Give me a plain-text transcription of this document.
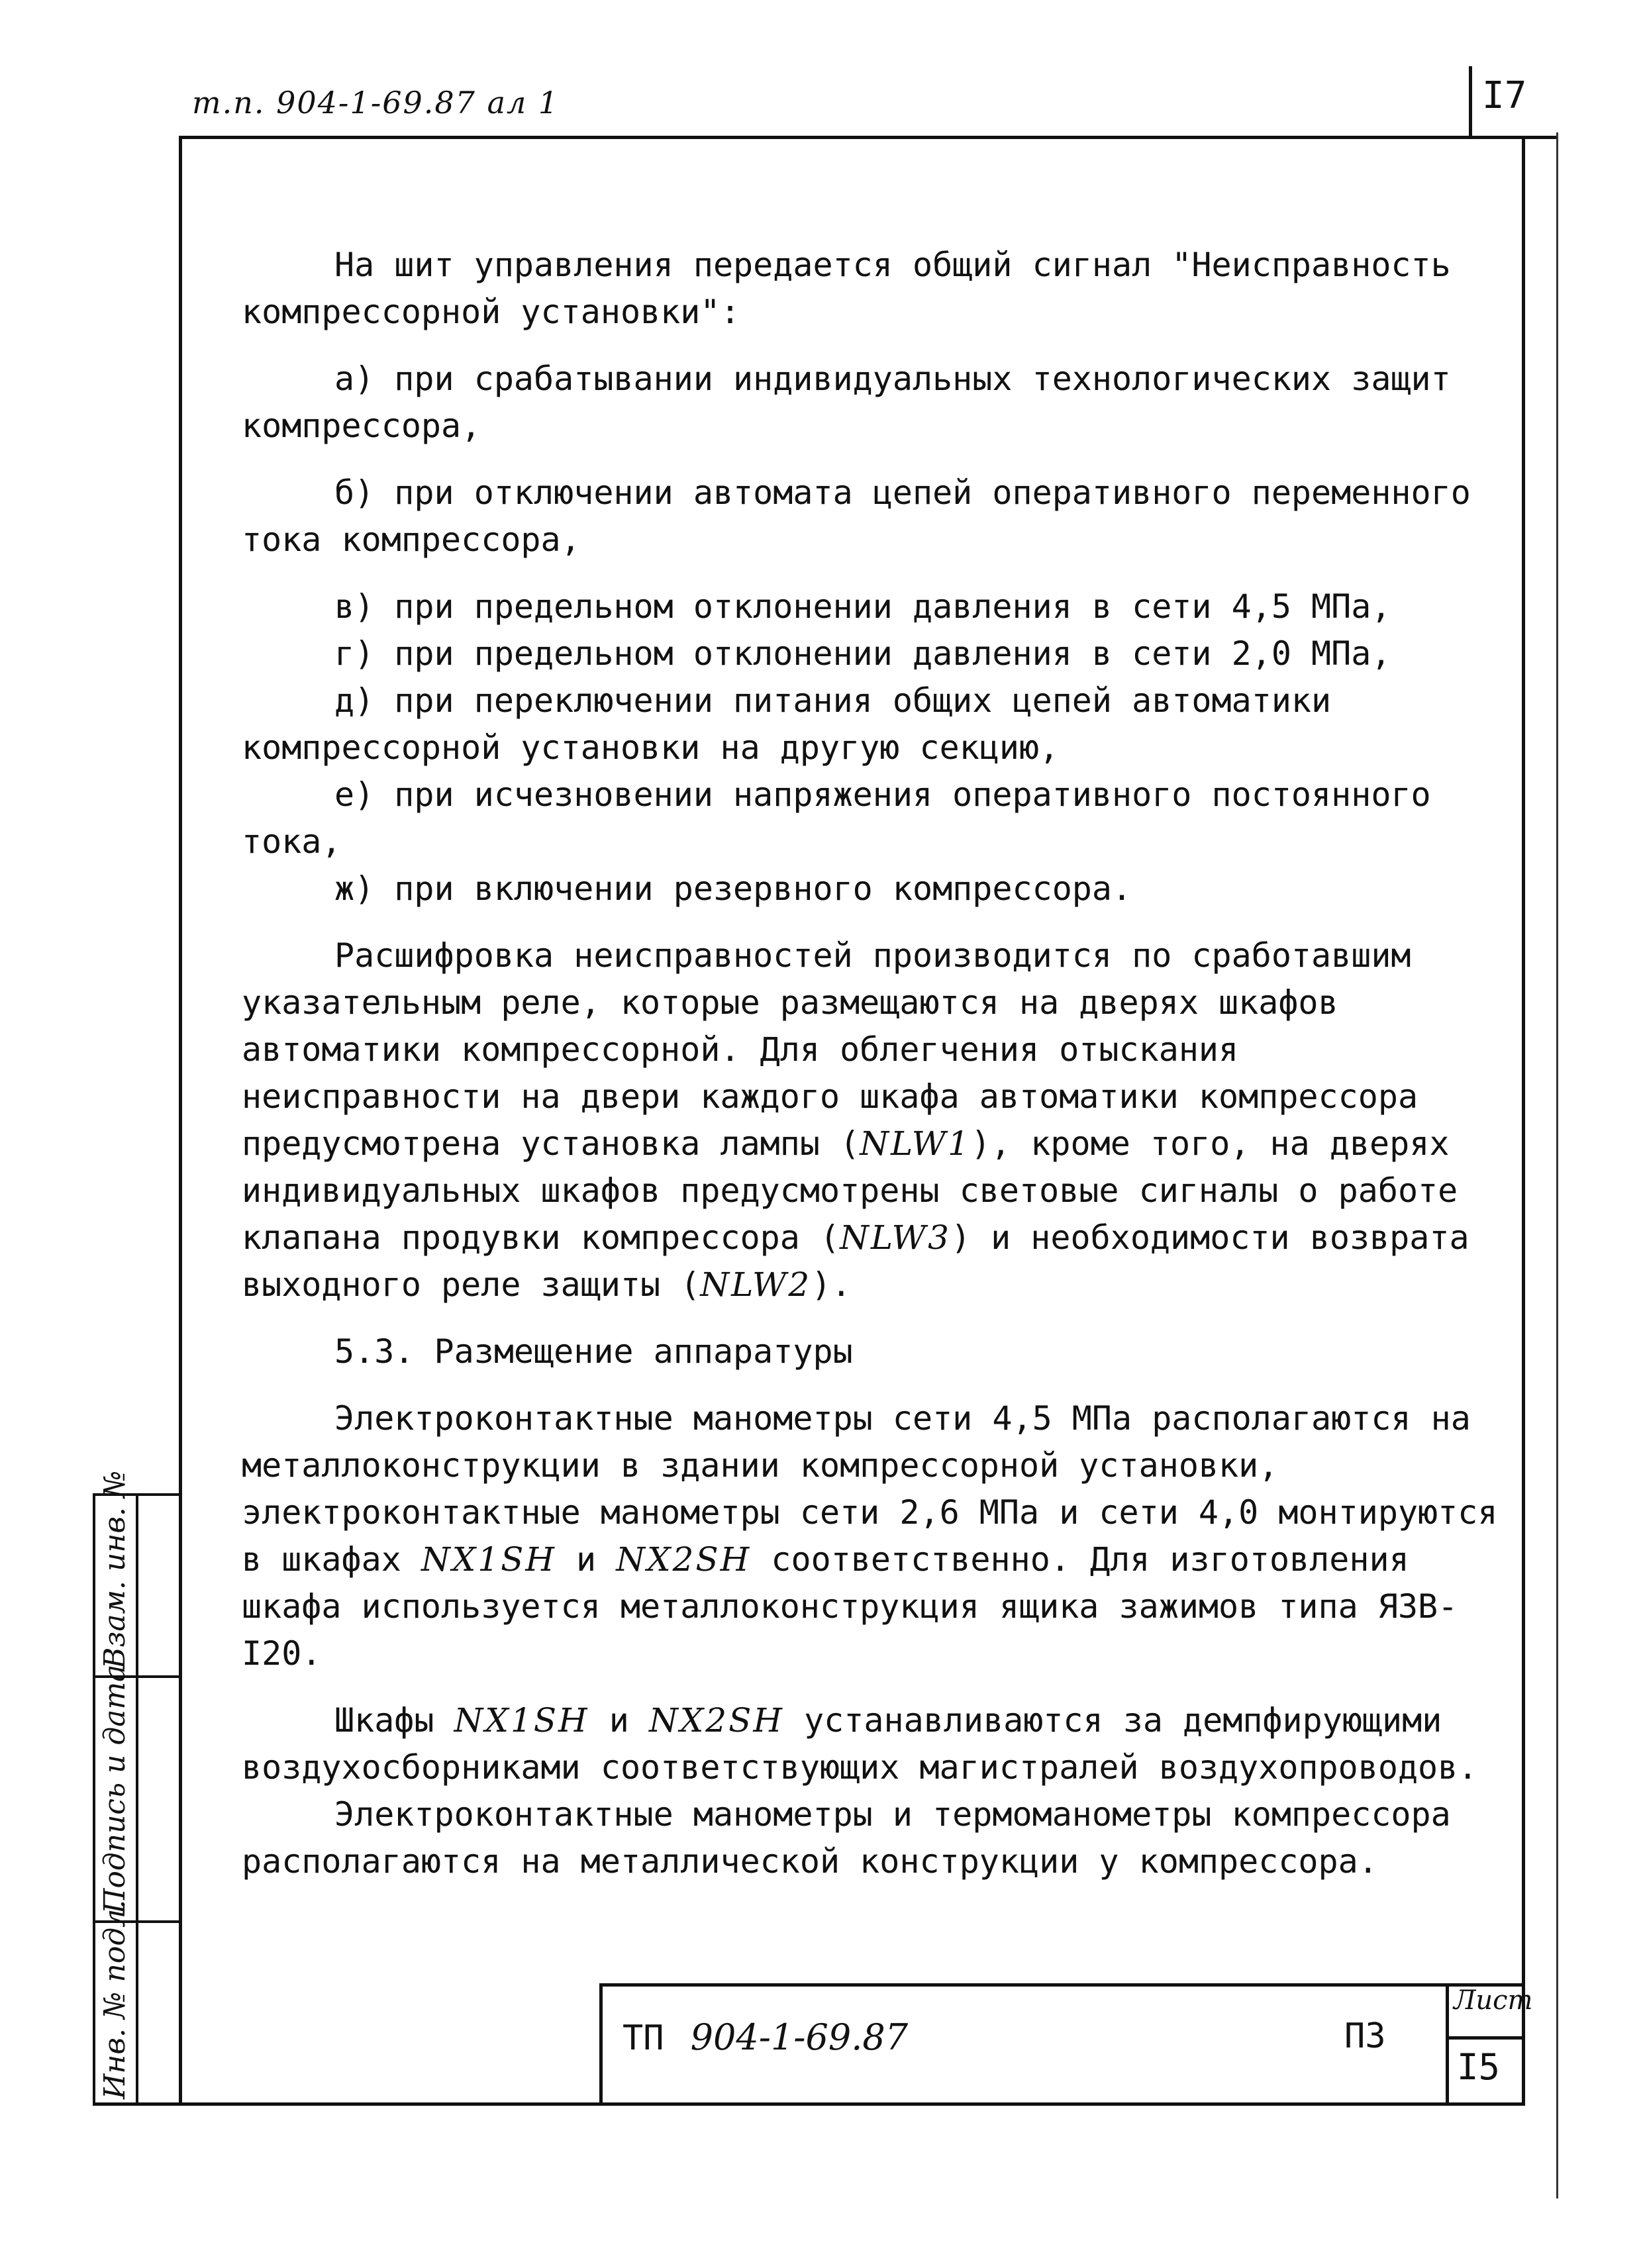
т.п. 904-1-69.87 ал 1	I7
Инв. № подл.
Подпись и дата
Взам. инв. №

На шит управления передается общий сигнал "Неисправность компрессорной установки":

а) при срабатывании индивидуальных технологических защит компрессора,

б) при отключении автомата цепей оперативного переменного тока компрессора,

в) при предельном отклонении давления в сети 4,5 МПа,

г) при предельном отклонении давления в сети 2,0 МПа,

д) при переключении питания общих цепей автоматики компрессорной установки на другую секцию,

е) при исчезновении напряжения оперативного постоянного тока,

ж) при включении резервного компрессора.

Расшифровка неисправностей производится по сработавшим указательным реле, которые размещаются на дверях шкафов автоматики компрессорной. Для облегчения отыскания неисправности на двери каждого шкафа автоматики компрессора предусмотрена установка лампы (NLW1), кроме того, на дверях индивидуальных шкафов предусмотрены световые сигналы о работе клапана продувки компрессора (NLW3) и необходимости возврата выходного реле защиты (NLW2).

5.3. Размещение аппаратуры

Электроконтактные манометры сети 4,5 МПа располагаются на металлоконструкции в здании компрессорной установки, электроконтактные манометры сети 2,6 МПа и сети 4,0 монтируются в шкафах NX1SH и NX2SH соответственно. Для изготовления шкафа используется металлоконструкция ящика зажимов типа ЯЗВ-I20.

Шкафы NX1SH и NX2SH устанавливаются за демпфирующими воздухосборниками соответствующих магистралей воздухопроводов.

Электроконтактные манометры и термоманометры компрессора располагаются на металлической конструкции у компрессора.

ТП 904-1-69.87	ПЗ
Лист
I5
